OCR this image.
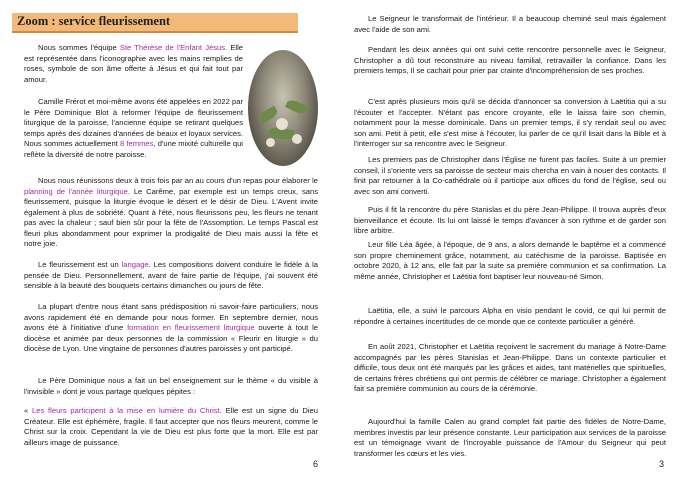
Zoom : service fleurissement

Nous sommes l'équipe Ste Thérèse de l'Enfant Jésus. Elle est représentée dans l'iconographie avec les mains remplies de roses, symbole de son âme offerte à Jésus et qui fait tout par amour.

Camille Frérot et moi-même avons été appelées en 2022 par le Père Dominique Blot à reformer l'équipe de fleurissement liturgique de la paroisse, l'ancienne équipe se retirant quelques temps après des dizaines d'années de beaux et loyaux services. Nous sommes actuellement 8 femmes, d'une mixité culturelle qui reflète la diversité de notre paroisse.

Nous nous réunissons deux à trois fois par an au cours d'un repas pour élaborer le planning de l'année liturgique. Le Carême, par exemple est un temps creux, sans fleurissement, puisque la liturgie évoque le désert et le désir de Dieu. L'Avent invite également à plus de sobriété. Quant à l'été, nous fleurissons peu, les fleurs ne tenant pas avec la chaleur ; sauf bien sûr pour la fête de l'Assomption. Le temps Pascal est fleuri plus abondamment pour exprimer la prodigalité de Dieu mais aussi la fête et notre joie.

Le fleurissement est un langage. Les compositions doivent conduire le fidèle à la pensée de Dieu. Personnellement, avant de faire partie de l'équipe, j'ai souvent été sensible à la beauté des bouquets certains dimanches ou jours de fête.

La plupart d'entre nous étant sans prédisposition ni savoir-faire particuliers, nous avons rapidement été en demande pour nous former. En septembre dernier, nous avons été à l'initiative d'une formation en fleurissement liturgique ouverte à tout le diocèse et animée par deux personnes de la commission « Fleurir en liturgie » du diocèse de Lyon. Une vingtaine de personnes d'autres paroisses y ont participé.

Le Père Dominique nous a fait un bel enseignement sur le thème « du visible à l'invisible » dont je vous partage quelques pépites :

« Les fleurs participent à la mise en lumière du Christ. Elle est un signe du Dieu Créateur. Elle est éphémère, fragile. Il faut accepter que nos fleurs meurent, comme le Christ sur la croix. Cependant la vie de Dieu est plus forte que la mort. Elle est par ailleurs image de puissance.

6

Le Seigneur le transformait de l'intérieur. Il a beaucoup cheminé seul mais également avec l'aide de son ami.

Pendant les deux années qui ont suivi cette rencontre personnelle avec le Seigneur, Christopher a dû tout reconstruire au niveau familial, retravailler la confiance. Dans les premiers temps, Il se cachait pour prier par crainte d'incompréhension de ses proches.

C'est après plusieurs mois qu'il se décida d'annoncer sa conversion à Laëtitia qui a su l'écouter et l'accepter. N'étant pas encore croyante, elle le laissa faire son chemin, notamment pour la messe dominicale. Dans un premier temps, il s'y rendait seul ou avec son ami. Petit à petit, elle s'est mise à l'écouter, lui parler de ce qu'il lisait dans la Bible et à l'interroger sur sa rencontre avec le Seigneur.

Les premiers pas de Christopher dans l'Église ne furent pas faciles. Suite à un premier conseil, il s'oriente vers sa paroisse de secteur mais chercha en vain à nouer des contacts. Il finit par retourner à la Co-cathédrale où il participe aux offices du fond de l'église, seul ou avec son ami converti.

Puis il fit la rencontre du père Stanislas et du père Jean-Philippe. Il trouva auprès d'eux bienveillance et écoute. Ils lui ont laissé le temps d'avancer à son rythme et de garder son libre arbitre.

Leur fille Léa âgée, à l'époque, de 9 ans, a alors demandé le baptême et a commencé son propre cheminement grâce, notamment, au catéchisme de la paroisse. Baptisée en octobre 2020, à 12 ans, elle fait par la suite sa première communion et sa confirmation. La même année, Christopher et Laëtitia font baptiser leur nouveau-né Simon.

Laëtitia, elle, a suivi le parcours Alpha en visio pendant le covid, ce qui lui permit de répondre à certaines incertitudes de ce monde que ce contexte particulier a généré.

En août 2021, Christopher et Laëtitia reçoivent le sacrement du mariage à Notre-Dame accompagnés par les pères Stanislas et Jean-Philippe. Dans un contexte particulier et difficile, tous deux ont été marqués par les grâces et aides, tant matérielles que spirituelles, de certains frères chrétiens qui ont permis de célébrer ce mariage. Christopher a également fait sa première communion au cours de la cérémonie.

Aujourd'hui la famille Calen au grand complet fait partie des fidèles de Notre-Dame, membres investis par leur présence constante. Leur participation aux services de la paroisse est un témoignage vivant de l'incroyable puissance de l'Amour du Seigneur qui peut transformer les cœurs et les vies.

3
